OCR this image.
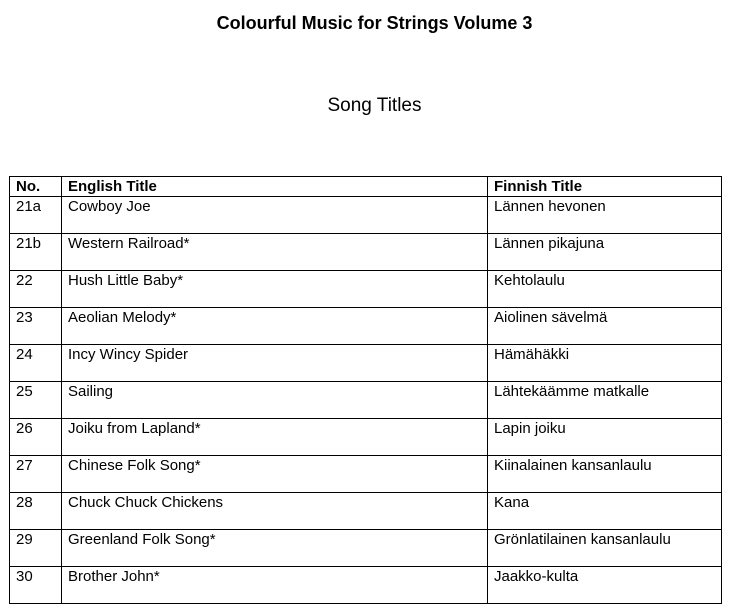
Colourful Music for Strings Volume 3
Song Titles
No.	English Title	Finnish Title
21a	Cowboy Joe	Lännen hevonen
21b	Western Railroad*	Lännen pikajuna
22	Hush Little Baby*	Kehtolaulu
23	Aeolian Melody*	Aiolinen sävelmä
24	Incy Wincy Spider	Hämähäkki
25	Sailing	Lähtekäämme matkalle
26	Joiku from Lapland*	Lapin joiku
27	Chinese Folk Song*	Kiinalainen kansanlaulu
28	Chuck Chuck Chickens	Kana
29	Greenland Folk Song*	Grönlatilainen kansanlaulu
30	Brother John*	Jaakko-kulta
